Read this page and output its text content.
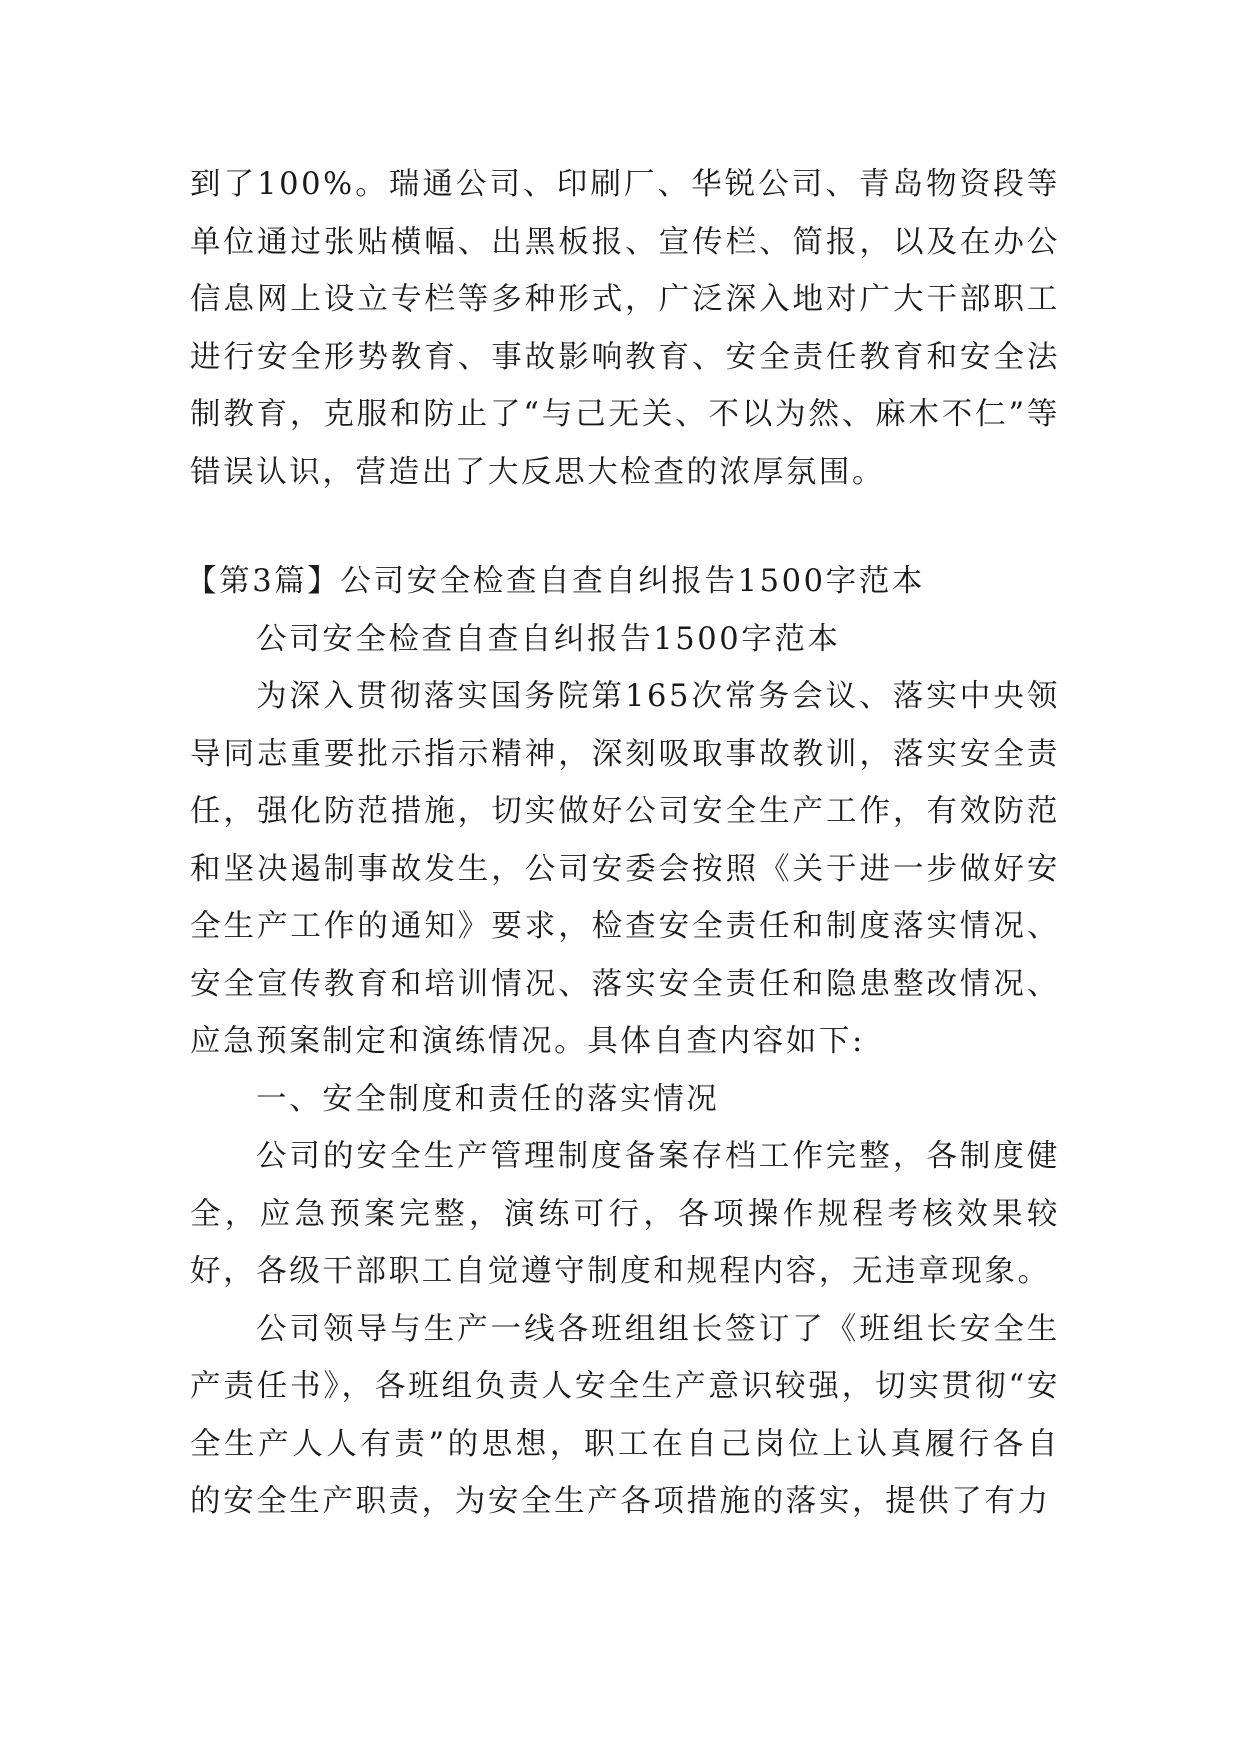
到了100%。瑞通公司、印刷厂、华锐公司、青岛物资段等单位通过张贴横幅、出黑板报、宣传栏、简报，以及在办公信息网上设立专栏等多种形式，广泛深入地对广大干部职工进行安全形势教育、事故影响教育、安全责任教育和安全法制教育，克服和防止了“与己无关、不以为然、麻木不仁”等错误认识，营造出了大反思大检查的浓厚氛围。

【第3篇】公司安全检查自查自纠报告1500字范本

公司安全检查自查自纠报告1500字范本

为深入贯彻落实国务院第165次常务会议、落实中央领导同志重要批示指示精神，深刻吸取事故教训，落实安全责任，强化防范措施，切实做好公司安全生产工作，有效防范和坚决遏制事故发生，公司安委会按照《关于进一步做好安全生产工作的通知》要求，检查安全责任和制度落实情况、安全宣传教育和培训情况、落实安全责任和隐患整改情况、应急预案制定和演练情况。具体自查内容如下:

一、安全制度和责任的落实情况

公司的安全生产管理制度备案存档工作完整，各制度健全，应急预案完整，演练可行，各项操作规程考核效果较好，各级干部职工自觉遵守制度和规程内容，无违章现象。

公司领导与生产一线各班组组长签订了《班组长安全生产责任书》，各班组负责人安全生产意识较强，切实贯彻“安全生产人人有责”的思想，职工在自己岗位上认真履行各自的安全生产职责，为安全生产各项措施的落实，提供了有力
